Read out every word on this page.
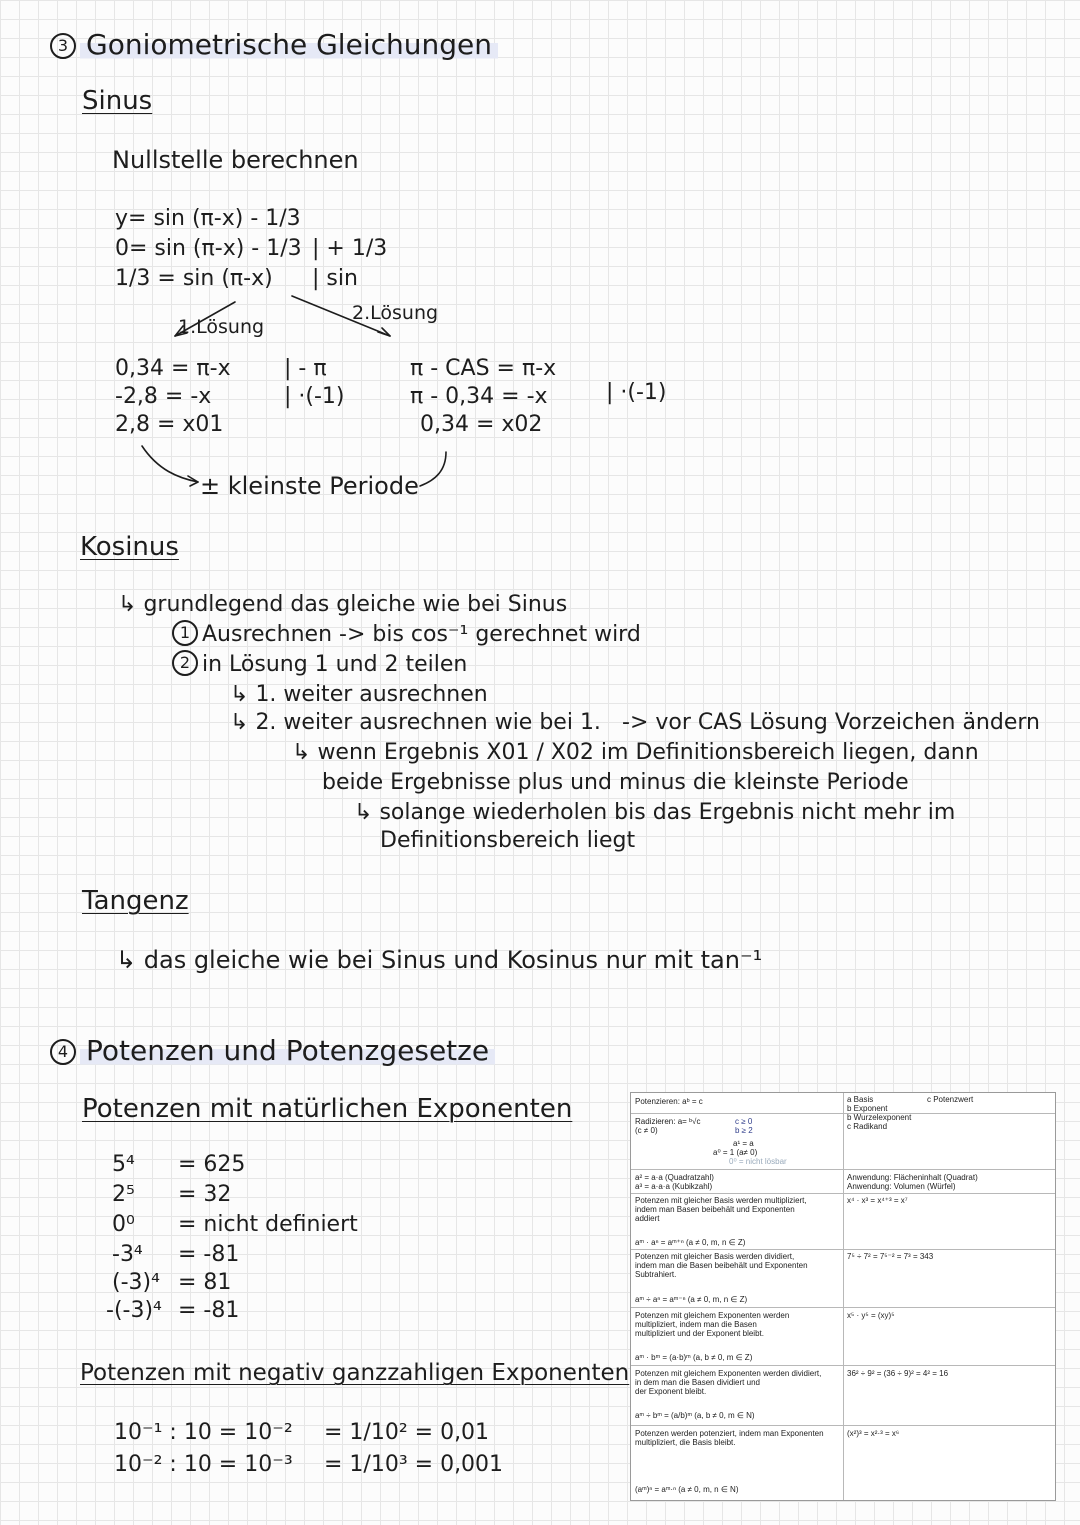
3 Goniometrische Gleichungen
Sinus
Nullstelle berechnen
y= sin (π-x) - 1/3
0= sin (π-x) - 1/3
1/3 = sin (π-x)
| + 1/3
| sin
1.Lösung
2.Lösung
0,34 = π-x
-2,8 = -x
2,8 = x01
| - π
| ·(-1)
π - CAS = π-x
π - 0,34 = -x
0,34 = x02
| ·(-1)
± kleinste Periode
Kosinus
↳ grundlegend das gleiche wie bei Sinus
1 Ausrechnen -> bis cos⁻¹ gerechnet wird
2 in Lösung 1 und 2 teilen
↳ 1. weiter ausrechnen
↳ 2. weiter ausrechnen wie bei 1. -> vor CAS Lösung Vorzeichen ändern
↳ wenn Ergebnis X01 / X02 im Definitionsbereich liegen, dann
beide Ergebnisse plus und minus die kleinste Periode
↳ solange wiederholen bis das Ergebnis nicht mehr im
Definitionsbereich liegt
Tangenz
↳ das gleiche wie bei Sinus und Kosinus nur mit tan⁻¹
4 Potenzen und Potenzgesetze
Potenzen mit natürlichen Exponenten
5⁴ = 625
2⁵ = 32
0⁰ = nicht definiert
-3⁴ = -81
(-3)⁴ = 81
-(-3)⁴ = -81
Potenzen mit negativ ganzzahligen Exponenten
10⁻¹ : 10 = 10⁻² = 1/10² = 0,01
10⁻² : 10 = 10⁻³ = 1/10³ = 0,001
Potenzieren: aᵇ = c	a Basis
b Exponent
b Wurzelexponent
c Radikand
c Potenzwert
Radizieren: a= ᵇ√c
(c ≠ 0)
c ≥ 0
b ≥ 2
a¹ = a
a⁰ = 1 (a≠ 0)
0⁰ = nicht lösbar
a² = a·a (Quadratzahl)
a³ = a·a·a (Kubikzahl)
Anwendung: Flächeninhalt (Quadrat)
Anwendung: Volumen (Würfel)
Potenzen mit gleicher Basis werden multipliziert,
indem man Basen beibehält und Exponenten
addiert
aᵐ · aⁿ = aᵐ⁺ⁿ (a ≠ 0, m, n ∈ Z)
x⁴ · x³ = x⁴⁺³ = x⁷
Potenzen mit gleicher Basis werden dividiert,
indem man die Basen beibehält und Exponenten
Subtrahiert.
aᵐ ÷ aⁿ = aᵐ⁻ⁿ (a ≠ 0, m, n ∈ Z)
7⁵ ÷ 7² = 7⁵⁻² = 7³ = 343
Potenzen mit gleichem Exponenten werden
multipliziert, indem man die Basen
multipliziert und der Exponent bleibt.
aᵐ · bᵐ = (a·b)ᵐ (a, b ≠ 0, m ∈ Z)
x⁵ · y⁵ = (xy)⁵
Potenzen mit gleichem Exponenten werden dividiert,
in dem man die Basen dividiert und
der Exponent bleibt.
aᵐ ÷ bᵐ = (a/b)ᵐ (a, b ≠ 0, m ∈ N)
36² ÷ 9² = (36 ÷ 9)² = 4² = 16
Potenzen werden potenziert, indem man Exponenten
multipliziert, die Basis bleibt.
(aᵐ)ⁿ = aᵐ·ⁿ (a ≠ 0, m, n ∈ N)
(x²)³ = x²·³ = x⁶
